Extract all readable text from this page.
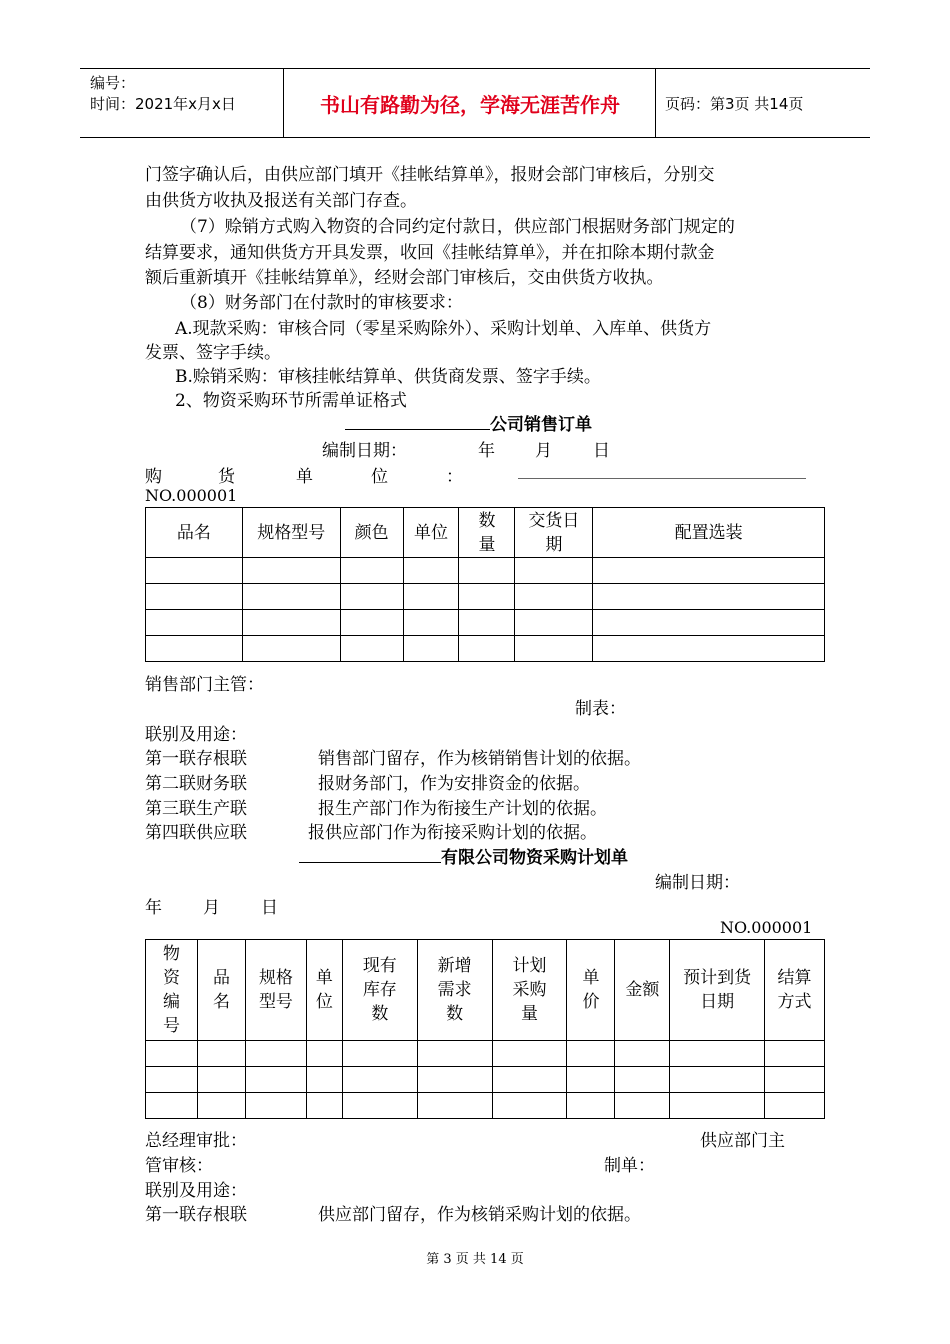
编号：
时间：2021年x月x日	书山有路勤为径，学海无涯苦作舟	页码：第3页 共14页
门签字确认后，由供应部门填开《挂帐结算单》，报财会部门审核后，分别交
由供货方收执及报送有关部门存查。
（7）赊销方式购入物资的合同约定付款日，供应部门根据财务部门规定的
结算要求，通知供货方开具发票，收回《挂帐结算单》，并在扣除本期付款金
额后重新填开《挂帐结算单》，经财会部门审核后，交由供货方收执。
（8）财务部门在付款时的审核要求：
A.现款采购：审核合同（零星采购除外）、采购计划单、入库单、供货方
发票、签字手续。
B.赊销采购：审核挂帐结算单、供货商发票、签字手续。
2、物资采购环节所需单证格式
公司销售订单
编制日期：	年 月 日
购	货	单	位	：
NO.000001
品名	规格型号	颜色	单位	数量	交货日期	配置选装

销售部门主管：
制表：
联别及用途：
第一联存根联	销售部门留存，作为核销销售计划的依据。
第二联财务联	报财务部门，作为安排资金的依据。
第三联生产联	报生产部门作为衔接生产计划的依据。
第四联供应联	报供应部门作为衔接采购计划的依据。
有限公司物资采购计划单
编制日期：
年 月 日
NO.000001
物资编号	品名	规格型号	单位	现有库存数	新增需求数	计划采购量	单价	金额	预计到货日期	结算方式

总经理审批：	供应部门主
管审核：	制单：
联别及用途：
第一联存根联	供应部门留存，作为核销采购计划的依据。
第 3 页 共 14 页
